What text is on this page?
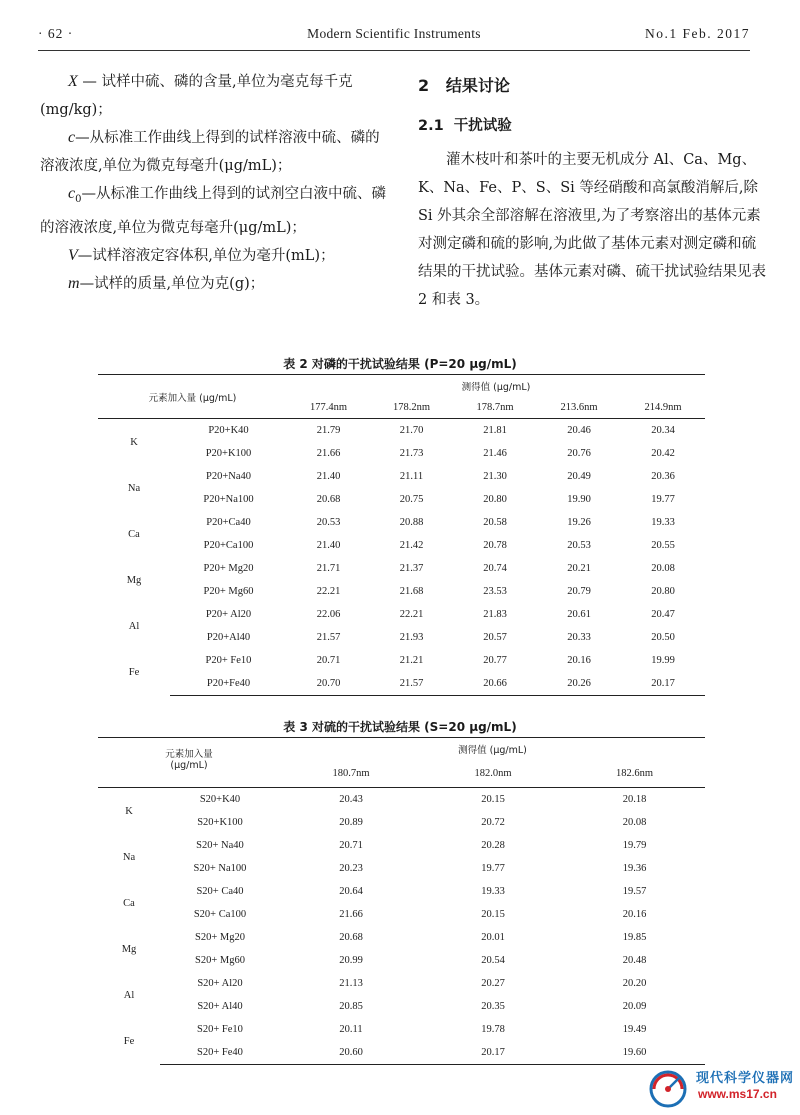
· 62 ·	Modern Scientific Instruments	No.1 Feb. 2017

X — 试样中硫、磷的含量,单位为毫克每千克(mg/kg)；

c—从标准工作曲线上得到的试样溶液中硫、磷的溶液浓度,单位为微克每毫升(μg/mL)；

$c_0—$从标准工作曲线上得到的试剂空白液中硫、磷的溶液浓度,单位为微克每毫升(μg/mL)；

V—试样溶液定容体积,单位为毫升(mL)；

m—试样的质量,单位为克(g)；

2 结果讨论
2.1 干扰试验

灌木枝叶和茶叶的主要无机成分 Al、Ca、Mg、K、Na、Fe、P、S、Si 等经硝酸和高氯酸消解后,除 Si 外其余全部溶解在溶液里,为了考察溶出的基体元素对测定磷和硫的影响,为此做了基体元素对测定磷和硫结果的干扰试验。基体元素对磷、硫干扰试验结果见表 2 和表 3。

表 2 对磷的干扰试验结果 (P=20 μg/mL)
元素加入量 (μg/mL)		测得值 (μg/mL)				
		177.4nm	178.2nm	178.7nm	213.6nm	214.9nm
K	P20+K40	21.79	21.70	21.81	20.46	20.34
	P20+K100	21.66	21.73	21.46	20.76	20.42
Na	P20+Na40	21.40	21.11	21.30	20.49	20.36
	P20+Na100	20.68	20.75	20.80	19.90	19.77
Ca	P20+Ca40	20.53	20.88	20.58	19.26	19.33
	P20+Ca100	21.40	21.42	20.78	20.53	20.55
Mg	P20+ Mg20	21.71	21.37	20.74	20.21	20.08
	P20+ Mg60	22.21	21.68	23.53	20.79	20.80
Al	P20+ Al20	22.06	22.21	21.83	20.61	20.47
	P20+Al40	21.57	21.93	20.57	20.33	20.50
Fe	P20+ Fe10	20.71	21.21	20.77	20.16	19.99
	P20+Fe40	20.70	21.57	20.66	20.26	20.17
表 3 对硫的干扰试验结果 (S=20 μg/mL)
元素加入量		测得值 (μg/mL)		
(μg/mL)		180.7nm	182.0nm	182.6nm
K	S20+K40	20.43	20.15	20.18
	S20+K100	20.89	20.72	20.08
Na	S20+ Na40	20.71	20.28	19.79
	S20+ Na100	20.23	19.77	19.36
Ca	S20+ Ca40	20.64	19.33	19.57
	S20+ Ca100	21.66	20.15	20.16
Mg	S20+ Mg20	20.68	20.01	19.85
	S20+ Mg60	20.99	20.54	20.48
Al	S20+ Al20	21.13	20.27	20.20
	S20+ Al40	20.85	20.35	20.09
Fe	S20+ Fe10	20.11	19.78	19.49
	S20+ Fe40	20.60	20.17	19.60
现代科学仪器网
www.ms17.cn
